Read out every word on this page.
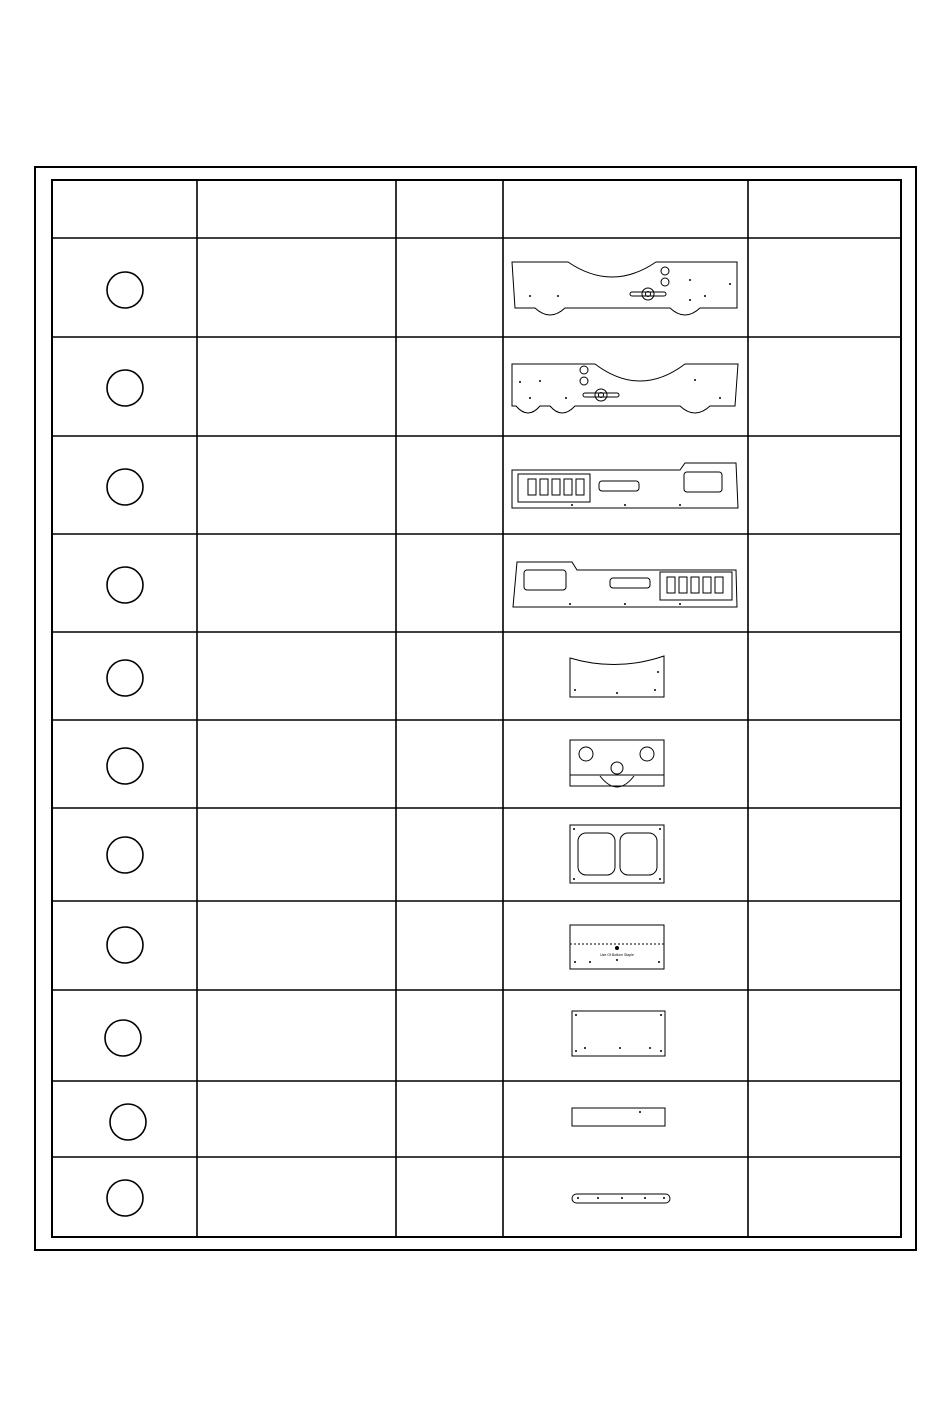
Use Of Bottom Staple
